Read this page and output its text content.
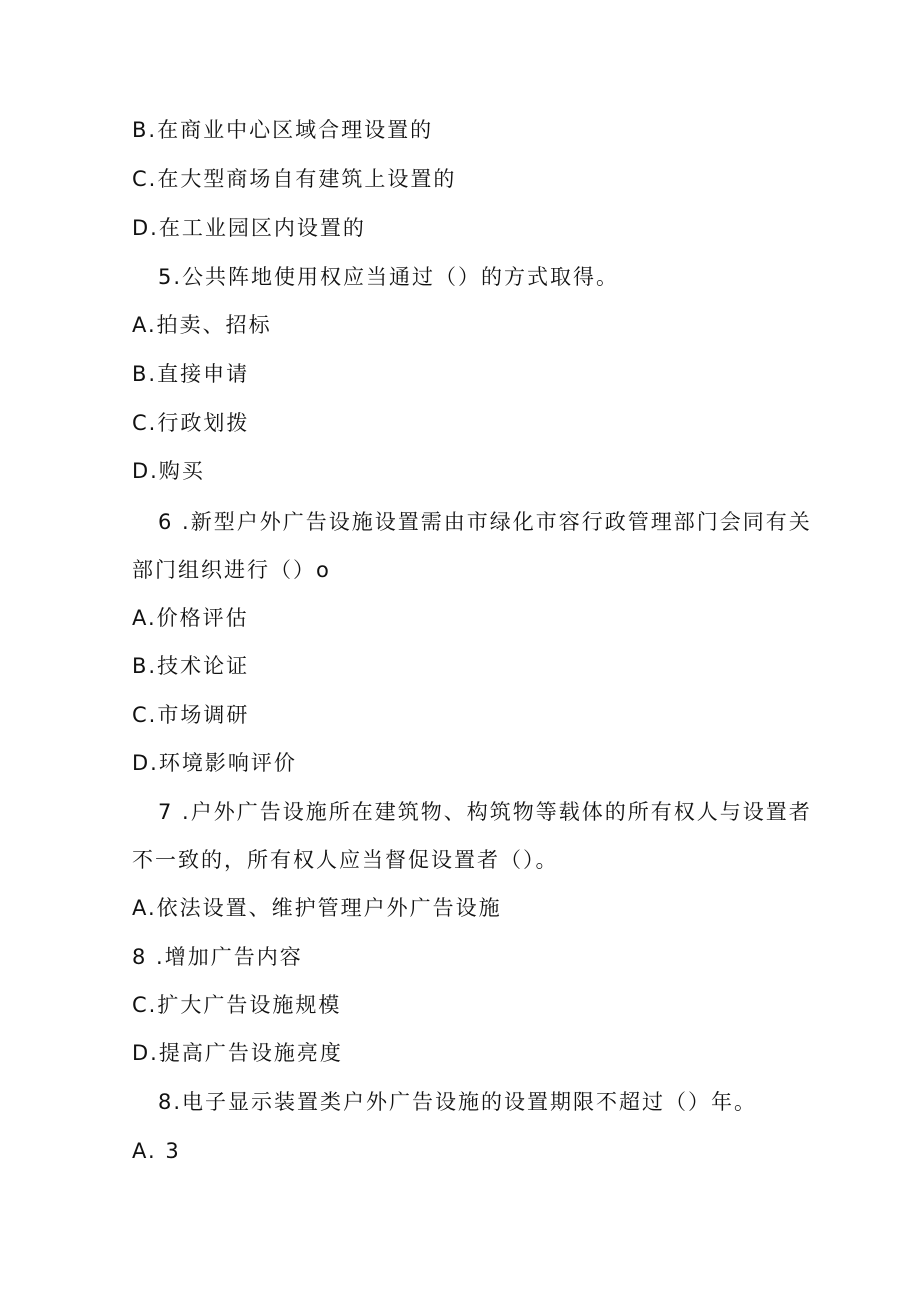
B.在商业中心区域合理设置的
C.在大型商场自有建筑上设置的
D.在工业园区内设置的
5.公共阵地使用权应当通过（）的方式取得。
A.拍卖、招标
B.直接申请
C.行政划拨
D.购买
6 .新型户外广告设施设置需由市绿化市容行政管理部门会同有关
部门组织进行（）o
A.价格评估
B.技术论证
C.市场调研
D.环境影响评价
7 .户外广告设施所在建筑物、构筑物等载体的所有权人与设置者
不一致的，所有权人应当督促设置者（）。
A.依法设置、维护管理户外广告设施
8 .增加广告内容
C.扩大广告设施规模
D.提高广告设施亮度
8.电子显示装置类户外广告设施的设置期限不超过（）年。
A. 3
